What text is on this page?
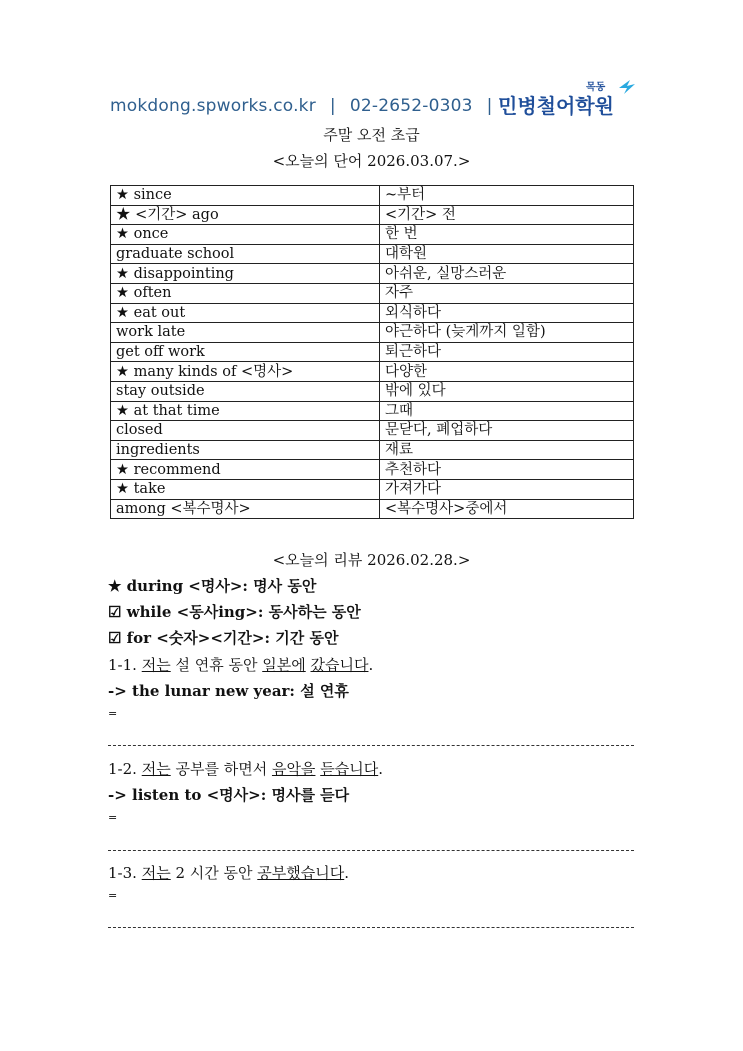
mokdong.spworks.co.kr | 02-2652-0303 |
목동
민병철어학원
주말 오전 초급
<오늘의 단어 2026.03.07.>
★ since	~부터
★ <기간> ago	<기간> 전
★ once	한 번
graduate school	대학원
★ disappointing	아쉬운, 실망스러운
★ often	자주
★ eat out	외식하다
work late	야근하다 (늦게까지 일함)
get off work	퇴근하다
★ many kinds of <명사>	다양한
stay outside	밖에 있다
★ at that time	그때
closed	문닫다, 폐업하다
ingredients	재료
★ recommend	추천하다
★ take	가져가다
among <복수명사>	<복수명사>중에서
<오늘의 리뷰 2026.02.28.>
★ during <명사>: 명사 동안
☑ while <동사ing>: 동사하는 동안
☑ for <숫자><기간>: 기간 동안
1-1. 저는 설 연휴 동안 일본에 갔습니다.
-> the lunar new year: 설 연휴
=
1-2. 저는 공부를 하면서 음악을 듣습니다.
-> listen to <명사>: 명사를 듣다
=
1-3. 저는 2 시간 동안 공부했습니다.
=
